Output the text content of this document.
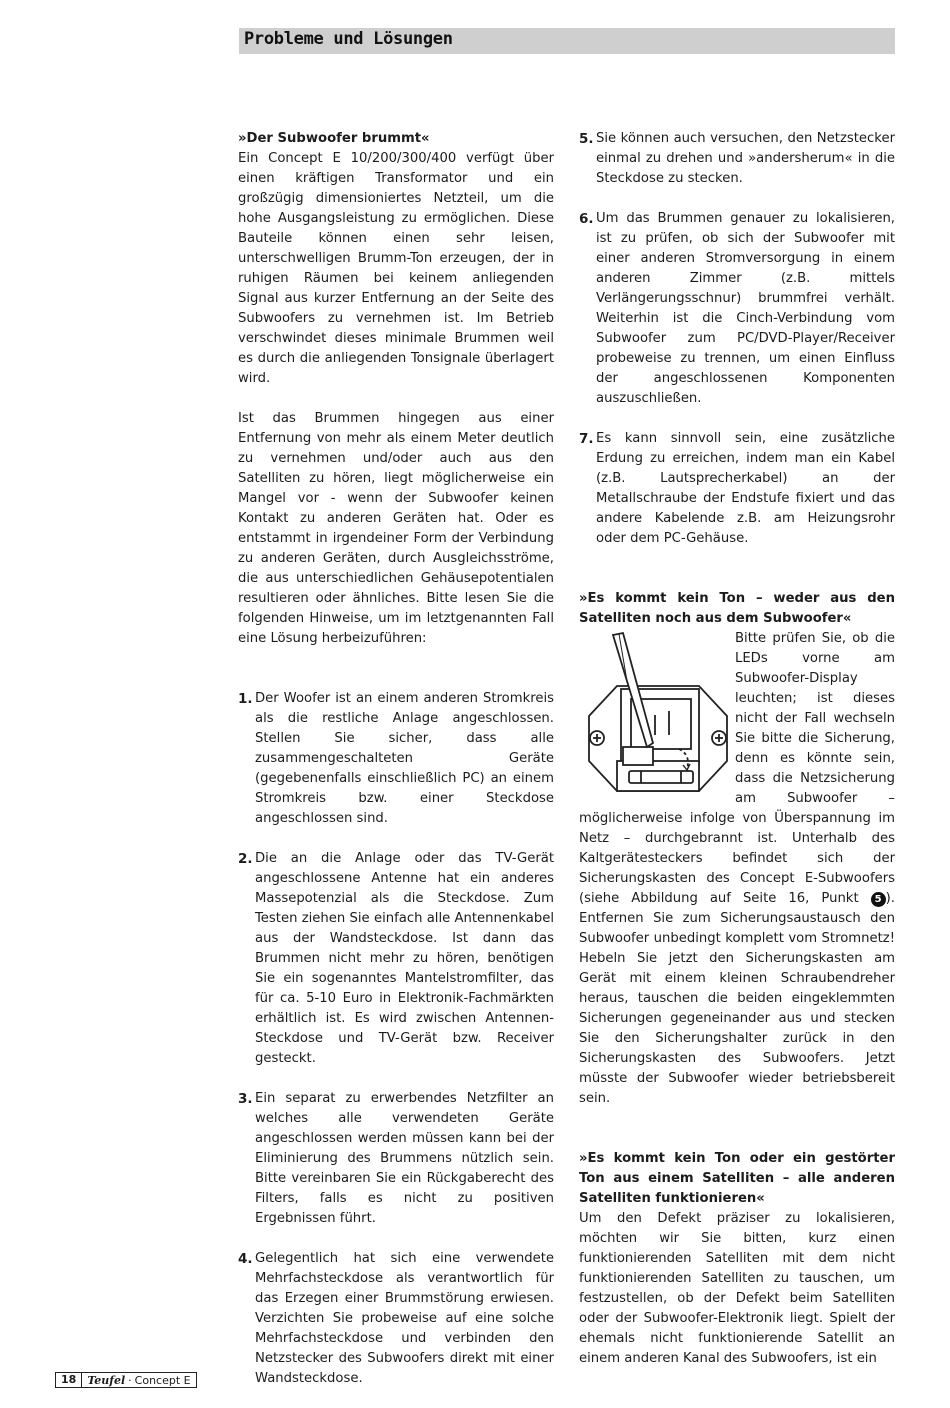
Probleme und Lösungen

»Der Subwoofer brummt«

Ein Concept E 10/200/300/400 verfügt über einen kräftigen Transformator und ein großzügig dimensioniertes Netzteil, um die hohe Ausgangsleistung zu ermöglichen. Diese Bauteile können einen sehr leisen, unterschwelligen Brumm-Ton erzeugen, der in ruhigen Räumen bei keinem anliegenden Signal aus kurzer Entfernung an der Seite des Subwoofers zu vernehmen ist. Im Betrieb verschwindet dieses minimale Brummen weil es durch die anliegenden Tonsignale überlagert wird.

Ist das Brummen hingegen aus einer Entfernung von mehr als einem Meter deutlich zu vernehmen und/oder auch aus den Satelliten zu hören, liegt möglicherweise ein Mangel vor - wenn der Subwoofer keinen Kontakt zu anderen Geräten hat. Oder es entstammt in irgendeiner Form der Verbindung zu anderen Geräten, durch Ausgleichsströme, die aus unterschiedlichen Gehäusepotentialen resultieren oder ähnliches. Bitte lesen Sie die folgenden Hinweise, um im letztgenannten Fall eine Lösung herbeizuführen:

1. Der Woofer ist an einem anderen Stromkreis als die restliche Anlage angeschlossen. Stellen Sie sicher, dass alle zusammengeschalteten Geräte (gegebenenfalls einschließlich PC) an einem Stromkreis bzw. einer Steckdose angeschlossen sind.
2. Die an die Anlage oder das TV-Gerät angeschlossene Antenne hat ein anderes Massepotenzial als die Steckdose. Zum Testen ziehen Sie einfach alle Antennenkabel aus der Wandsteckdose. Ist dann das Brummen nicht mehr zu hören, benötigen Sie ein sogenanntes Mantelstromfilter, das für ca. 5-10 Euro in Elektronik-Fachmärkten erhältlich ist. Es wird zwischen Antennen-Steckdose und TV-Gerät bzw. Receiver gesteckt.
3. Ein separat zu erwerbendes Netzfilter an welches alle verwendeten Geräte angeschlossen werden müssen kann bei der Eliminierung des Brummens nützlich sein. Bitte vereinbaren Sie ein Rückgaberecht des Filters, falls es nicht zu positiven Ergebnissen führt.
4. Gelegentlich hat sich eine verwendete Mehrfachsteckdose als verantwortlich für das Erzegen einer Brummstörung erwiesen. Verzichten Sie probeweise auf eine solche Mehrfachsteckdose und verbinden den Netzstecker des Subwoofers direkt mit einer Wandsteckdose.
5. Sie können auch versuchen, den Netzstecker einmal zu drehen und »andersherum« in die Steckdose zu stecken.
6. Um das Brummen genauer zu lokalisieren, ist zu prüfen, ob sich der Subwoofer mit einer anderen Stromversorgung in einem anderen Zimmer (z.B. mittels Verlängerungsschnur) brummfrei verhält. Weiterhin ist die Cinch-Verbindung vom Subwoofer zum PC/DVD-Player/Receiver probeweise zu trennen, um einen Einfluss der angeschlossenen Komponenten auszuschließen.
7. Es kann sinnvoll sein, eine zusätzliche Erdung zu erreichen, indem man ein Kabel (z.B. Lautsprecherkabel) an der Metallschraube der Endstufe fixiert und das andere Kabelende z.B. am Heizungsrohr oder dem PC-Gehäuse.

»Es kommt kein Ton – weder aus den Satelliten noch aus dem Subwoofer«

Bitte prüfen Sie, ob die LEDs vorne am Subwoofer-Display leuchten; ist dieses nicht der Fall wechseln Sie bitte die Sicherung, denn es könnte sein, dass die Netzsicherung am Subwoofer – möglicherweise infolge von Überspannung im Netz – durchgebrannt ist. Unterhalb des Kaltgerätesteckers befindet sich der Sicherungskasten des Concept E-Subwoofers (siehe Abbildung auf Seite 16, Punkt 5 ). Entfernen Sie zum Sicherungsaustausch den Subwoofer unbedingt komplett vom Stromnetz! Hebeln Sie jetzt den Sicherungskasten am Gerät mit einem kleinen Schraubendreher heraus, tauschen die beiden eingeklemmten Sicherungen gegeneinander aus und stecken Sie den Sicherungshalter zurück in den Sicherungskasten des Subwoofers. Jetzt müsste der Subwoofer wieder betriebsbereit sein.

»Es kommt kein Ton oder ein gestörter Ton aus einem Satelliten – alle anderen Satelliten funktionieren«

Um den Defekt präziser zu lokalisieren, möchten wir Sie bitten, kurz einen funktionierenden Satelliten mit dem nicht funktionierenden Satelliten zu tauschen, um festzustellen, ob der Defekt beim Satelliten oder der Subwoofer-Elektronik liegt. Spielt der ehemals nicht funktionierende Satellit an einem anderen Kanal des Subwoofers, ist ein

18	Teufel · Concept E
